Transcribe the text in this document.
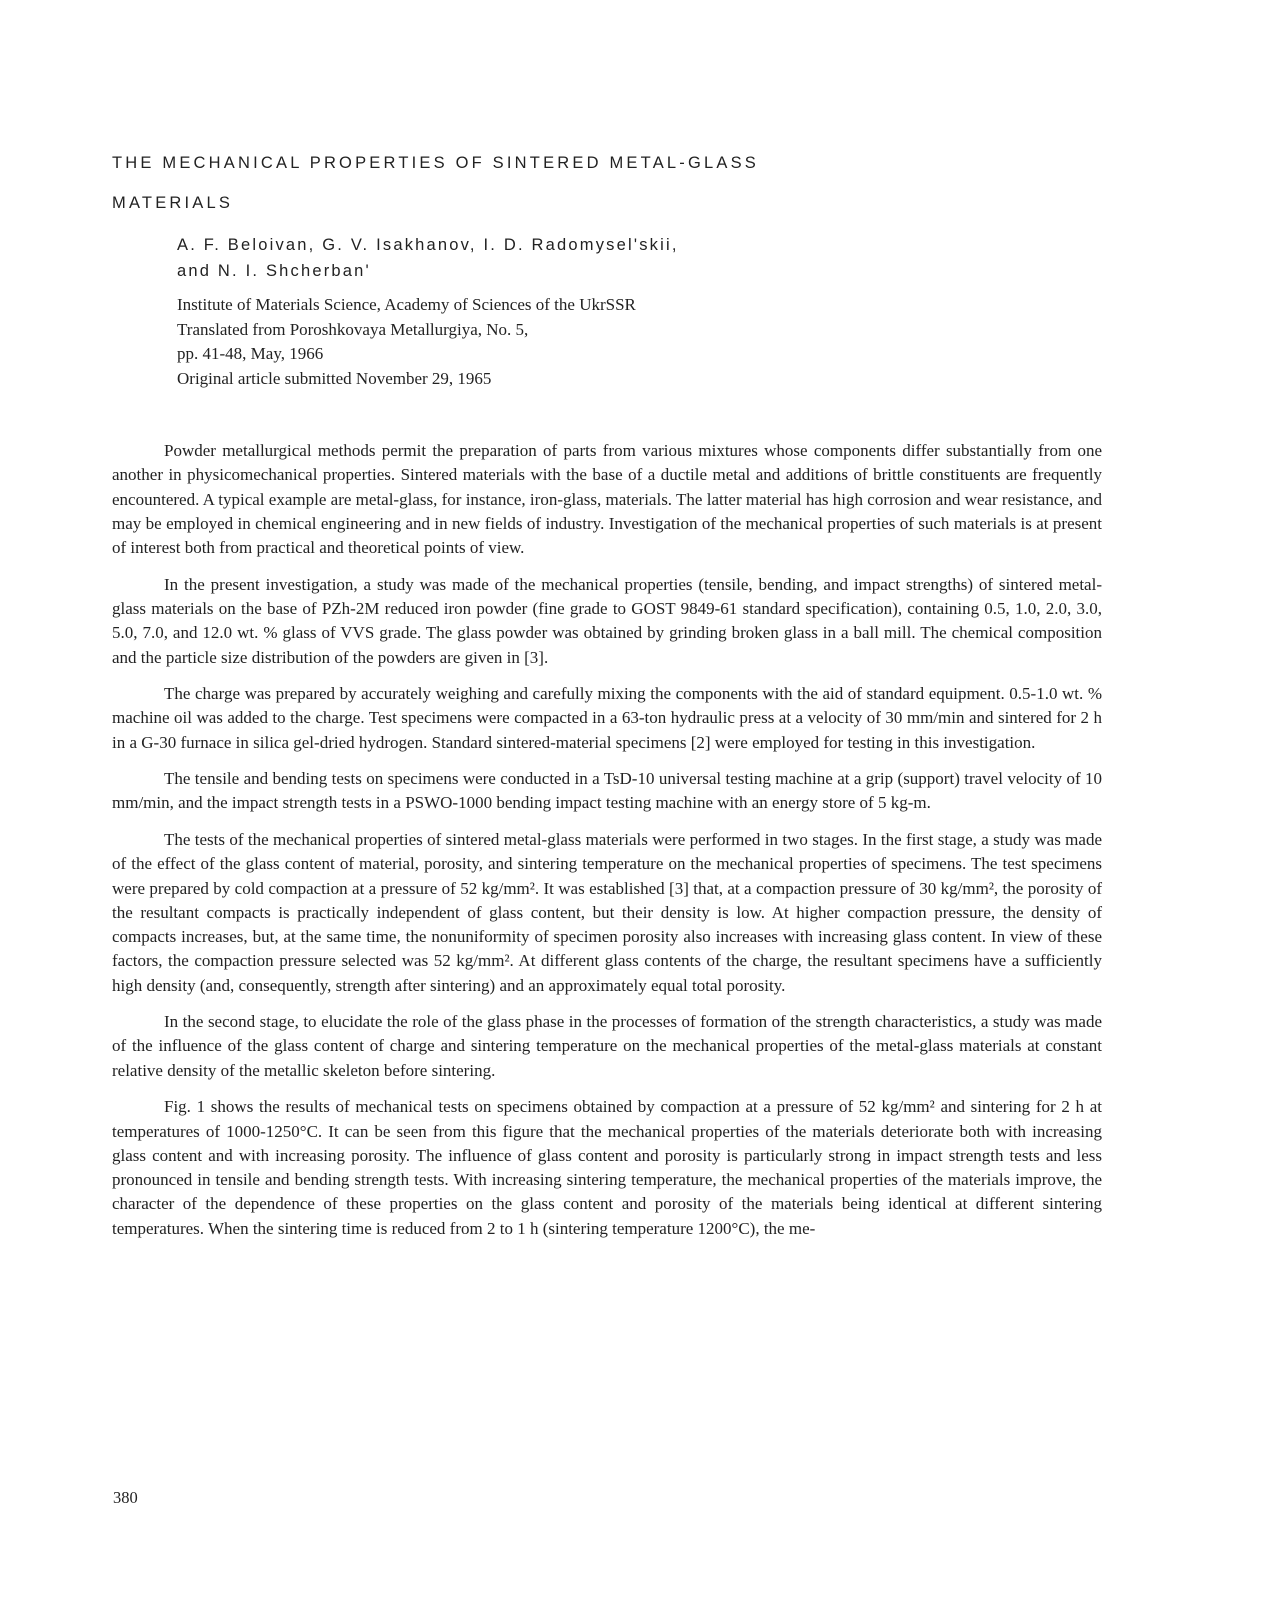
THE MECHANICAL PROPERTIES OF SINTERED METAL-GLASS
MATERIALS
A. F. Beloivan, G. V. Isakhanov, I. D. Radomysel'skii,
and N. I. Shcherban'
Institute of Materials Science, Academy of Sciences of the UkrSSR
Translated from Poroshkovaya Metallurgiya, No. 5,
pp. 41-48, May, 1966
Original article submitted November 29, 1965

Powder metallurgical methods permit the preparation of parts from various mixtures whose components differ substantially from one another in physicomechanical properties. Sintered materials with the base of a ductile metal and additions of brittle constituents are frequently encountered. A typical example are metal-glass, for instance, iron-glass, materials. The latter material has high corrosion and wear resistance, and may be employed in chemical engineering and in new fields of industry. Investigation of the mechanical properties of such materials is at present of interest both from practical and theoretical points of view.

In the present investigation, a study was made of the mechanical properties (tensile, bending, and impact strengths) of sintered metal-glass materials on the base of PZh-2M reduced iron powder (fine grade to GOST 9849-61 standard specification), containing 0.5, 1.0, 2.0, 3.0, 5.0, 7.0, and 12.0 wt. % glass of VVS grade. The glass powder was obtained by grinding broken glass in a ball mill. The chemical composition and the particle size distribution of the powders are given in [3].

The charge was prepared by accurately weighing and carefully mixing the components with the aid of standard equipment. 0.5-1.0 wt. % machine oil was added to the charge. Test specimens were compacted in a 63-ton hydraulic press at a velocity of 30 mm/min and sintered for 2 h in a G-30 furnace in silica gel-dried hydrogen. Standard sintered-material specimens [2] were employed for testing in this investigation.

The tensile and bending tests on specimens were conducted in a TsD-10 universal testing machine at a grip (support) travel velocity of 10 mm/min, and the impact strength tests in a PSWO-1000 bending impact testing machine with an energy store of 5 kg-m.

The tests of the mechanical properties of sintered metal-glass materials were performed in two stages. In the first stage, a study was made of the effect of the glass content of material, porosity, and sintering temperature on the mechanical properties of specimens. The test specimens were prepared by cold compaction at a pressure of 52 kg/mm². It was established [3] that, at a compaction pressure of 30 kg/mm², the porosity of the resultant compacts is practically independent of glass content, but their density is low. At higher compaction pressure, the density of compacts increases, but, at the same time, the nonuniformity of specimen porosity also increases with increasing glass content. In view of these factors, the compaction pressure selected was 52 kg/mm². At different glass contents of the charge, the resultant specimens have a sufficiently high density (and, consequently, strength after sintering) and an approximately equal total porosity.

In the second stage, to elucidate the role of the glass phase in the processes of formation of the strength characteristics, a study was made of the influence of the glass content of charge and sintering temperature on the mechanical properties of the metal-glass materials at constant relative density of the metallic skeleton before sintering.

Fig. 1 shows the results of mechanical tests on specimens obtained by compaction at a pressure of 52 kg/mm² and sintering for 2 h at temperatures of 1000-1250°C. It can be seen from this figure that the mechanical properties of the materials deteriorate both with increasing glass content and with increasing porosity. The influence of glass content and porosity is particularly strong in impact strength tests and less pronounced in tensile and bending strength tests. With increasing sintering temperature, the mechanical properties of the materials improve, the character of the dependence of these properties on the glass content and porosity of the materials being identical at different sintering temperatures. When the sintering time is reduced from 2 to 1 h (sintering temperature 1200°C), the me-

380
